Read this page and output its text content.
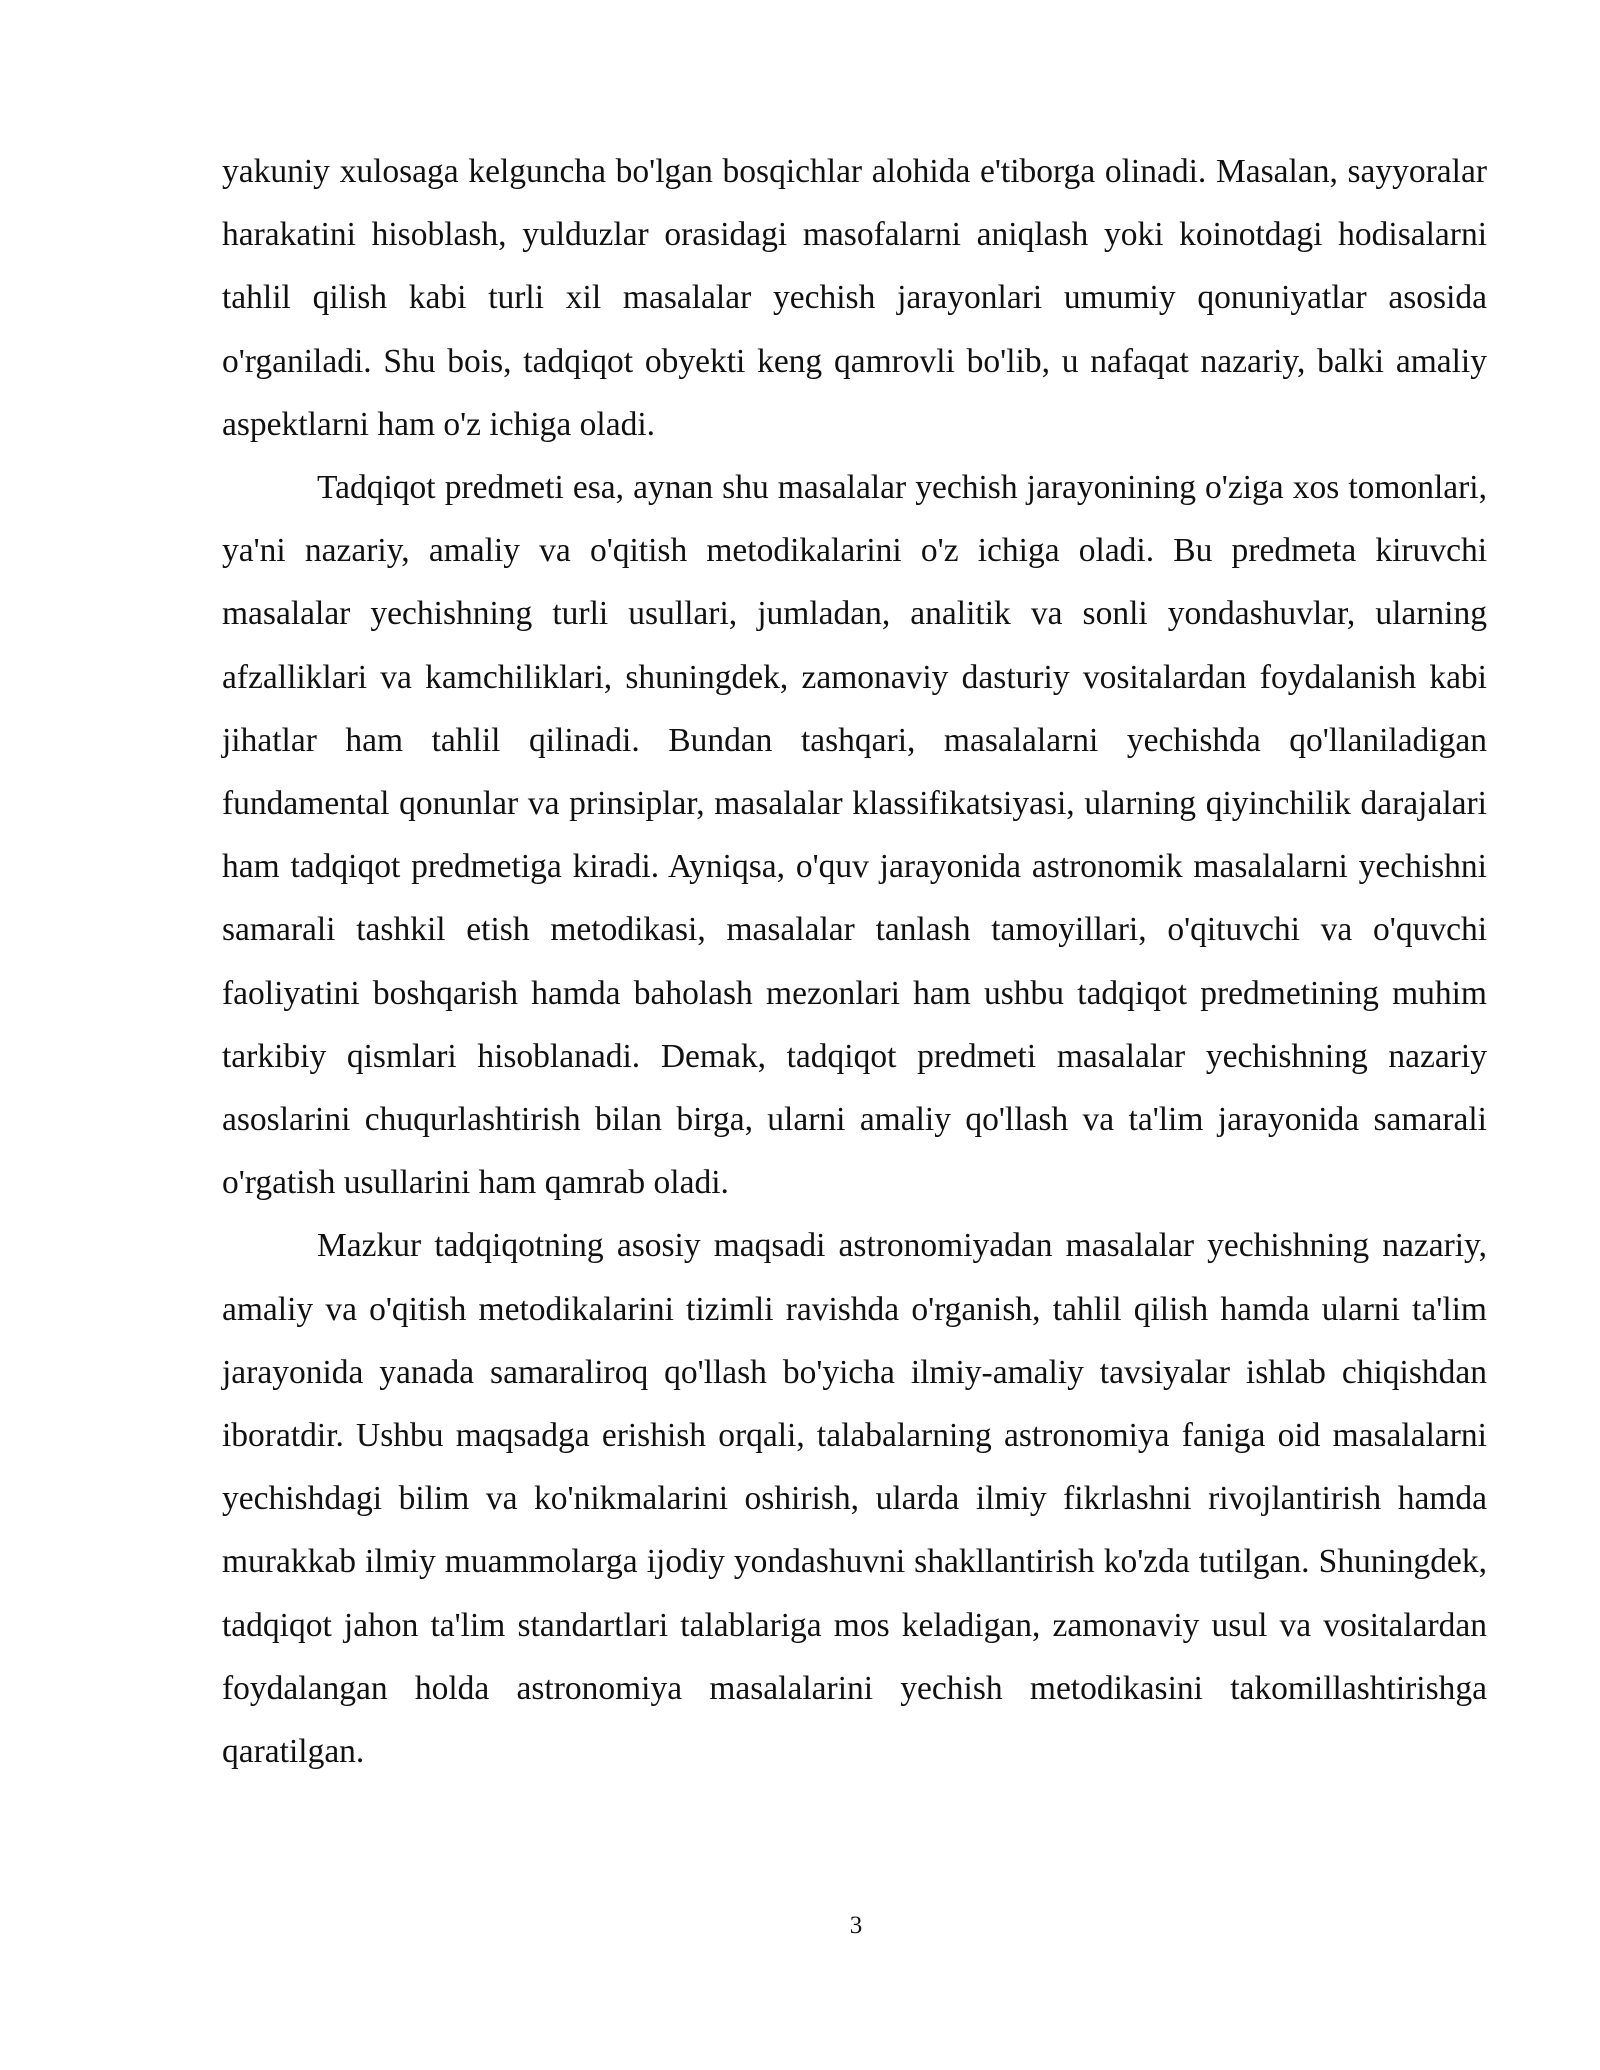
yakuniy xulosaga kelguncha bo'lgan bosqichlar alohida e'tiborga olinadi. Masalan, sayyoralar harakatini hisoblash, yulduzlar orasidagi masofalarni aniqlash yoki koinotdagi hodisalarni tahlil qilish kabi turli xil masalalar yechish jarayonlari umumiy qonuniyatlar asosida o'rganiladi. Shu bois, tadqiqot obyekti keng qamrovli bo'lib, u nafaqat nazariy, balki amaliy aspektlarni ham o'z ichiga oladi.

Tadqiqot predmeti esa, aynan shu masalalar yechish jarayonining o'ziga xos tomonlari, ya'ni nazariy, amaliy va o'qitish metodikalarini o'z ichiga oladi. Bu predmeta kiruvchi masalalar yechishning turli usullari, jumladan, analitik va sonli yondashuvlar, ularning afzalliklari va kamchiliklari, shuningdek, zamonaviy dasturiy vositalardan foydalanish kabi jihatlar ham tahlil qilinadi. Bundan tashqari, masalalarni yechishda qo'llaniladigan fundamental qonunlar va prinsiplar, masalalar klassifikatsiyasi, ularning qiyinchilik darajalari ham tadqiqot predmetiga kiradi. Ayniqsa, o'quv jarayonida astronomik masalalarni yechishni samarali tashkil etish metodikasi, masalalar tanlash tamoyillari, o'qituvchi va o'quvchi faoliyatini boshqarish hamda baholash mezonlari ham ushbu tadqiqot predmetining muhim tarkibiy qismlari hisoblanadi. Demak, tadqiqot predmeti masalalar yechishning nazariy asoslarini chuqurlashtirish bilan birga, ularni amaliy qo'llash va ta'lim jarayonida samarali o'rgatish usullarini ham qamrab oladi.

Mazkur tadqiqotning asosiy maqsadi astronomiyadan masalalar yechishning nazariy, amaliy va o'qitish metodikalarini tizimli ravishda o'rganish, tahlil qilish hamda ularni ta'lim jarayonida yanada samaraliroq qo'llash bo'yicha ilmiy-amaliy tavsiyalar ishlab chiqishdan iboratdir. Ushbu maqsadga erishish orqali, talabalarning astronomiya faniga oid masalalarni yechishdagi bilim va ko'nikmalarini oshirish, ularda ilmiy fikrlashni rivojlantirish hamda murakkab ilmiy muammolarga ijodiy yondashuvni shakllantirish ko'zda tutilgan. Shuningdek, tadqiqot jahon ta'lim standartlari talablariga mos keladigan, zamonaviy usul va vositalardan foydalangan holda astronomiya masalalarini yechish metodikasini takomillashtirishga qaratilgan.

3
